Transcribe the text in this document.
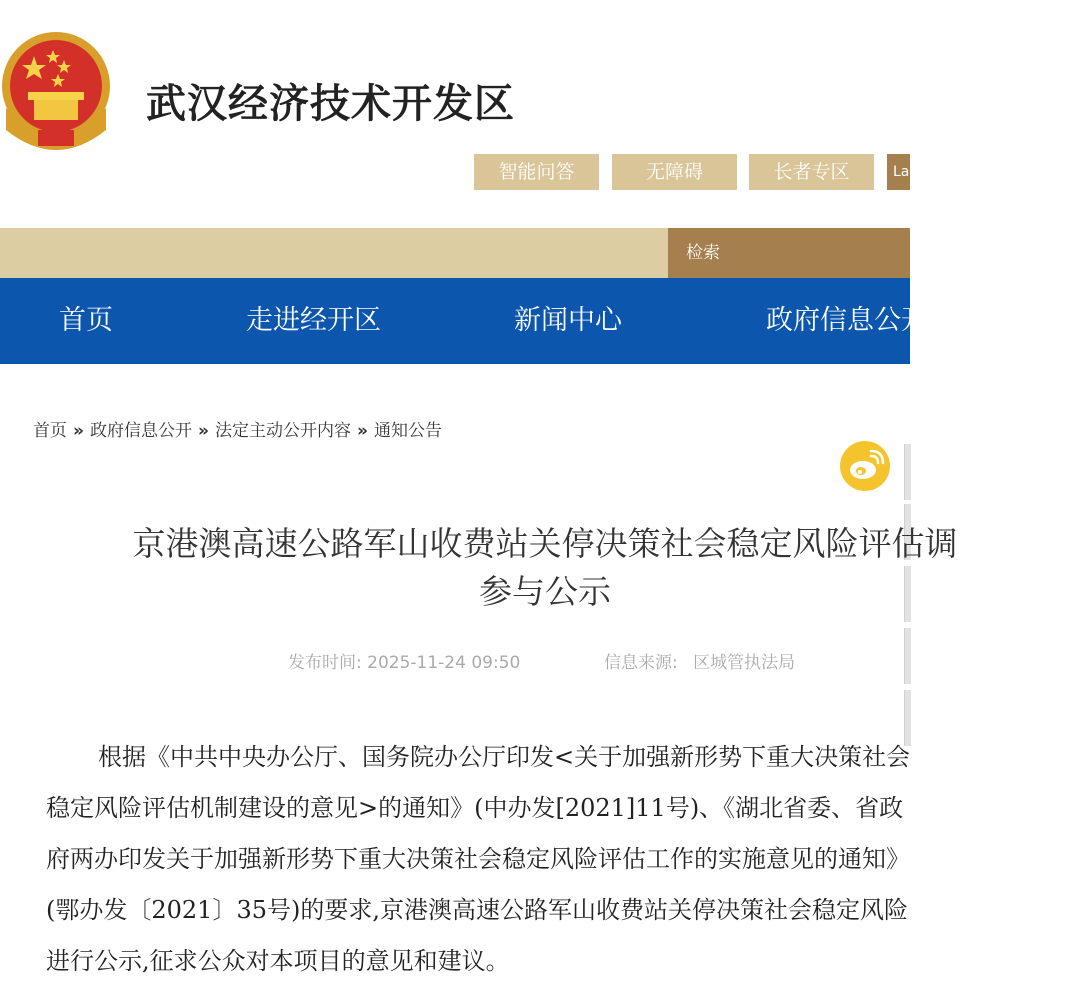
武汉经济技术开发区
智能问答	无障碍	长者专区	La
检索
首页	走进经开区	新闻中心	政府信息公开
首页 » 政府信息公开 » 法定主动公开内容 » 通知公告
京港澳高速公路军山收费站关停决策社会稳定风险评估调
参与公示
发布时间: 2025-11-24 09:50	信息来源: 区城管执法局

根据《中共中央办公厅、国务院办公厅印发<关于加强新形势下重大决策社会稳定风险评估机制建设的意见>的通知》(中办发[2021]11号)、《湖北省委、省政府两办印发关于加强新形势下重大决策社会稳定风险评估工作的实施意见的通知》(鄂办发〔2021〕35号)的要求,京港澳高速公路军山收费站关停决策社会稳定风险进行公示,征求公众对本项目的意见和建议。
